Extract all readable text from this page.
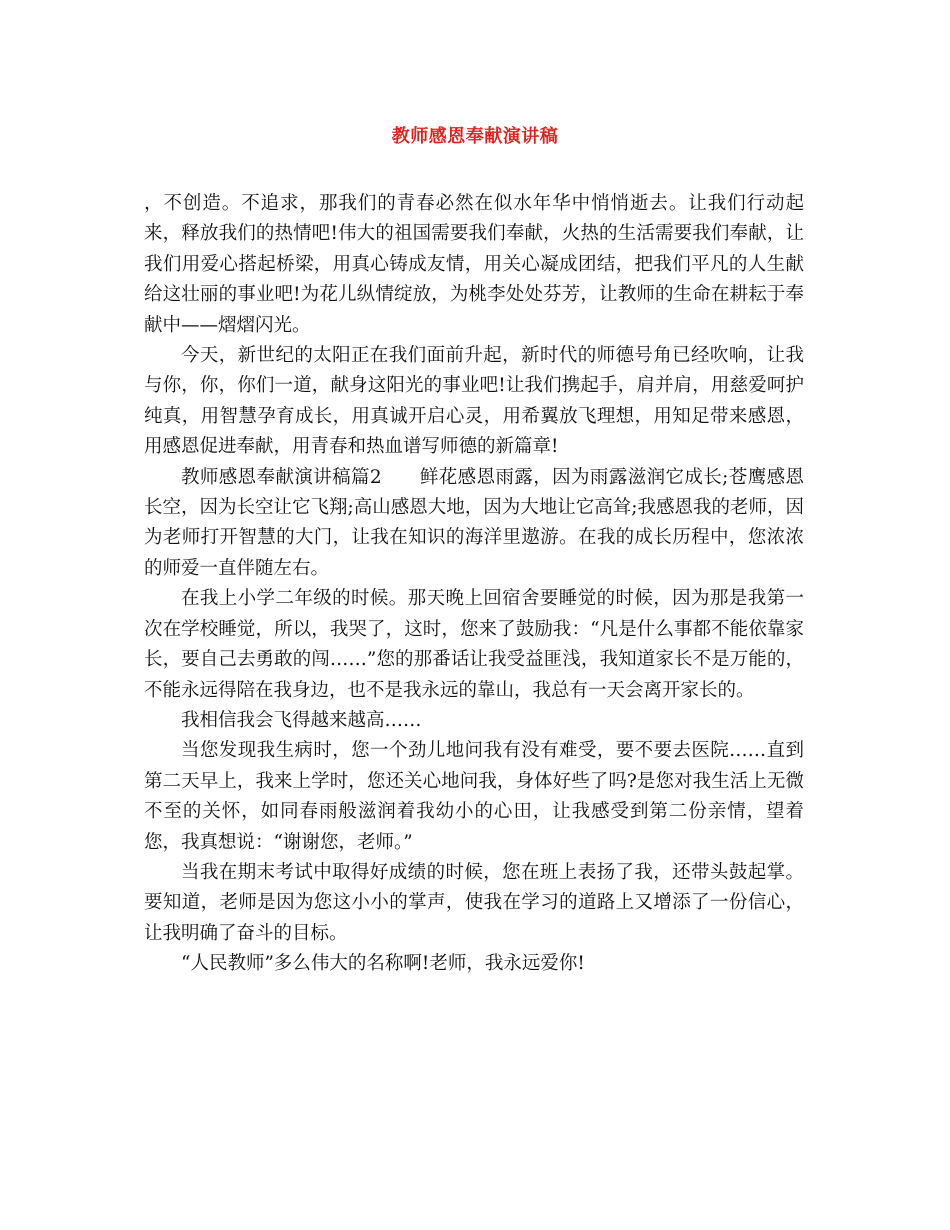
教师感恩奉献演讲稿

，不创造。不追求，那我们的青春必然在似水年华中悄悄逝去。让我们行动起来，释放我们的热情吧!伟大的祖国需要我们奉献，火热的生活需要我们奉献，让我们用爱心搭起桥梁，用真心铸成友情，用关心凝成团结，把我们平凡的人生献给这壮丽的事业吧!为花儿纵情绽放，为桃李处处芬芳，让教师的生命在耕耘于奉献中——熠熠闪光。

今天，新世纪的太阳正在我们面前升起，新时代的师德号角已经吹响，让我与你，你，你们一道，献身这阳光的事业吧!让我们携起手，肩并肩，用慈爱呵护纯真，用智慧孕育成长，用真诚开启心灵，用希翼放飞理想，用知足带来感恩，用感恩促进奉献，用青春和热血谱写师德的新篇章!

教师感恩奉献演讲稿篇2　　鲜花感恩雨露，因为雨露滋润它成长;苍鹰感恩长空，因为长空让它飞翔;高山感恩大地，因为大地让它高耸;我感恩我的老师，因为老师打开智慧的大门，让我在知识的海洋里遨游。在我的成长历程中，您浓浓的师爱一直伴随左右。

在我上小学二年级的时候。那天晚上回宿舍要睡觉的时候，因为那是我第一次在学校睡觉，所以，我哭了，这时，您来了鼓励我：“凡是什么事都不能依靠家长，要自己去勇敢的闯……”您的那番话让我受益匪浅，我知道家长不是万能的，不能永远得陪在我身边，也不是我永远的靠山，我总有一天会离开家长的。

我相信我会飞得越来越高……

当您发现我生病时，您一个劲儿地问我有没有难受，要不要去医院……直到第二天早上，我来上学时，您还关心地问我，身体好些了吗?是您对我生活上无微不至的关怀，如同春雨般滋润着我幼小的心田，让我感受到第二份亲情，望着您，我真想说：“谢谢您，老师。”

当我在期末考试中取得好成绩的时候，您在班上表扬了我，还带头鼓起掌。要知道，老师是因为您这小小的掌声，使我在学习的道路上又增添了一份信心，让我明确了奋斗的目标。

“人民教师”多么伟大的名称啊!老师，我永远爱你!
